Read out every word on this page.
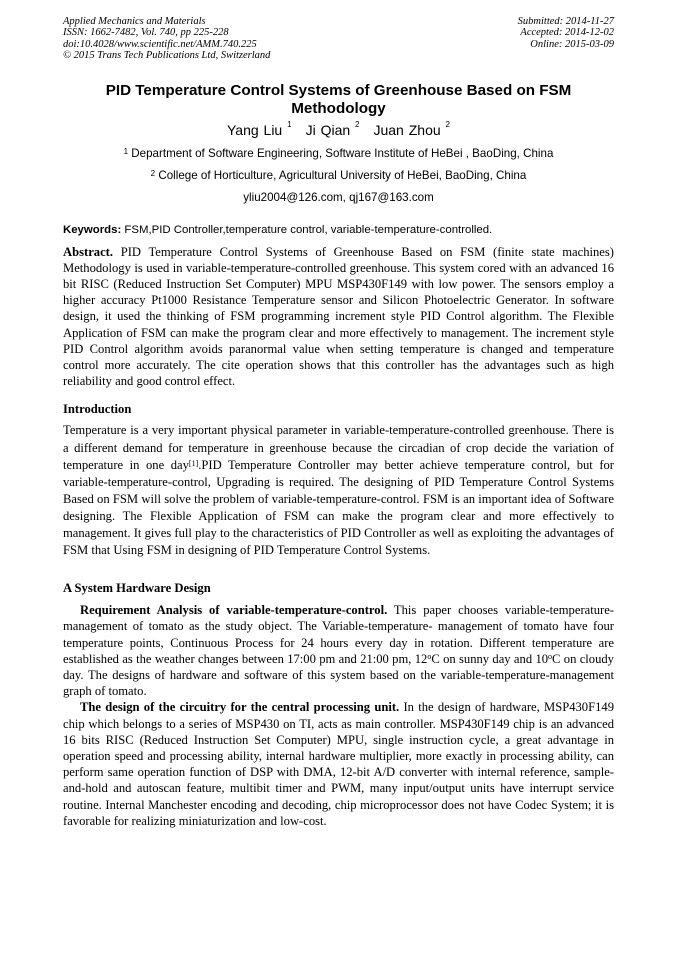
Applied Mechanics and Materials
ISSN: 1662-7482, Vol. 740, pp 225-228
doi:10.4028/www.scientific.net/AMM.740.225
© 2015 Trans Tech Publications Ltd, Switzerland
Submitted: 2014-11-27
Accepted: 2014-12-02
Online: 2015-03-09
PID Temperature Control Systems of Greenhouse Based on FSM
Methodology
Yang Liu $^1$ Ji Qian $^2$ Juan Zhou $^2$
$^1$ Department of Software Engineering, Software Institute of HeBei , BaoDing, China
$^2$ College of Horticulture, Agricultural University of HeBei, BaoDing, China
yliu2004@126.com, qj167@163.com
Keywords: FSM,PID Controller,temperature control, variable-temperature-controlled.

Abstract. PID Temperature Control Systems of Greenhouse Based on FSM (finite state machines) Methodology is used in variable-temperature-controlled greenhouse. This system cored with an advanced 16 bit RISC (Reduced Instruction Set Computer) MPU MSP430F149 with low power. The sensors employ a higher accuracy Pt1000 Resistance Temperature sensor and Silicon Photoelectric Generator. In software design, it used the thinking of FSM programming increment style PID Control algorithm. The Flexible Application of FSM can make the program clear and more effectively to management. The increment style PID Control algorithm avoids paranormal value when setting temperature is changed and temperature control more accurately. The cite operation shows that this controller has the advantages such as high reliability and good control effect.

Introduction

Temperature is a very important physical parameter in variable-temperature-controlled greenhouse. There is a different demand for temperature in greenhouse because the circadian of crop decide the variation of temperature in one day[1].PID Temperature Controller may better achieve temperature control, but for variable-temperature-control, Upgrading is required. The designing of PID Temperature Control Systems Based on FSM will solve the problem of variable-temperature-control. FSM is an important idea of Software designing. The Flexible Application of FSM can make the program clear and more effectively to management. It gives full play to the characteristics of PID Controller as well as exploiting the advantages of FSM that Using FSM in designing of PID Temperature Control Systems.

A System Hardware Design

Requirement Analysis of variable-temperature-control. This paper chooses variable-temperature-management of tomato as the study object. The Variable-temperature- management of tomato have four temperature points, Continuous Process for 24 hours every day in rotation. Different temperature are established as the weather changes between 17:00 pm and 21:00 pm, 12$^o$C on sunny day and 10$^o$C on cloudy day. The designs of hardware and software of this system based on the variable-temperature-management graph of tomato.

The design of the circuitry for the central processing unit. In the design of hardware, MSP430F149 chip which belongs to a series of MSP430 on TI, acts as main controller. MSP430F149 chip is an advanced 16 bits RISC (Reduced Instruction Set Computer) MPU, single instruction cycle, a great advantage in operation speed and processing ability, internal hardware multiplier, more exactly in processing ability, can perform same operation function of DSP with DMA, 12-bit A/D converter with internal reference, sample-and-hold and autoscan feature, multibit timer and PWM, many input/output units have interrupt service routine. Internal Manchester encoding and decoding, chip microprocessor does not have Codec System; it is favorable for realizing miniaturization and low-cost.
